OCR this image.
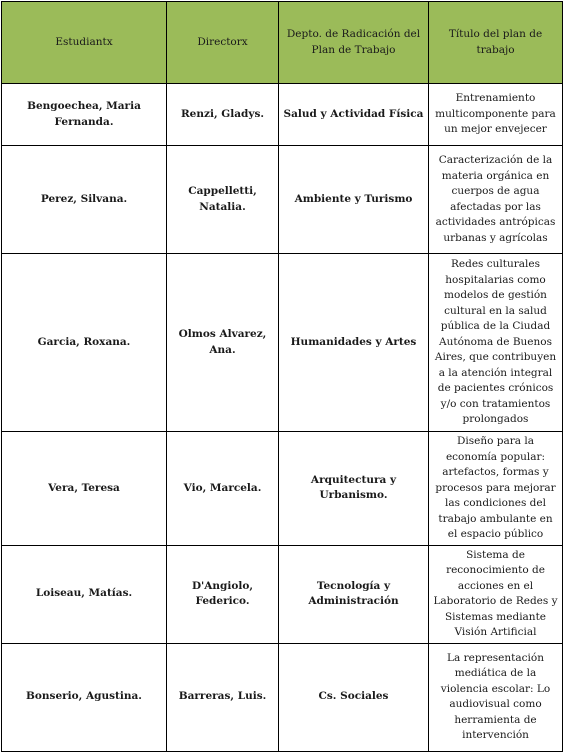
Estudiantx	Directorx	Depto. de Radicación del Plan de Trabajo	Título del plan de trabajo
Bengoechea, Maria Fernanda.	Renzi, Gladys.	Salud y Actividad Física	Entrenamiento multicomponente para un mejor envejecer
Perez, Silvana.	Cappelletti, Natalia.	Ambiente y Turismo	Caracterización de la materia orgánica en cuerpos de agua afectadas por las actividades antrópicas urbanas y agrícolas
Garcia, Roxana.	Olmos Alvarez, Ana.	Humanidades y Artes	Redes culturales hospitalarias como modelos de gestión cultural en la salud pública de la Ciudad Autónoma de Buenos Aires, que contribuyen a la atención integral de pacientes crónicos y/o con tratamientos prolongados
Vera, Teresa	Vio, Marcela.	Arquitectura y Urbanismo.	Diseño para la economía popular: artefactos, formas y procesos para mejorar las condiciones del trabajo ambulante en el espacio público
Loiseau, Matías.	D'Angiolo, Federico.	Tecnología y Administración	Sistema de reconocimiento de acciones en el Laboratorio de Redes y Sistemas mediante Visión Artificial
Bonserio, Agustina.	Barreras, Luis.	Cs. Sociales	La representación mediática de la violencia escolar: Lo audiovisual como herramienta de intervención
